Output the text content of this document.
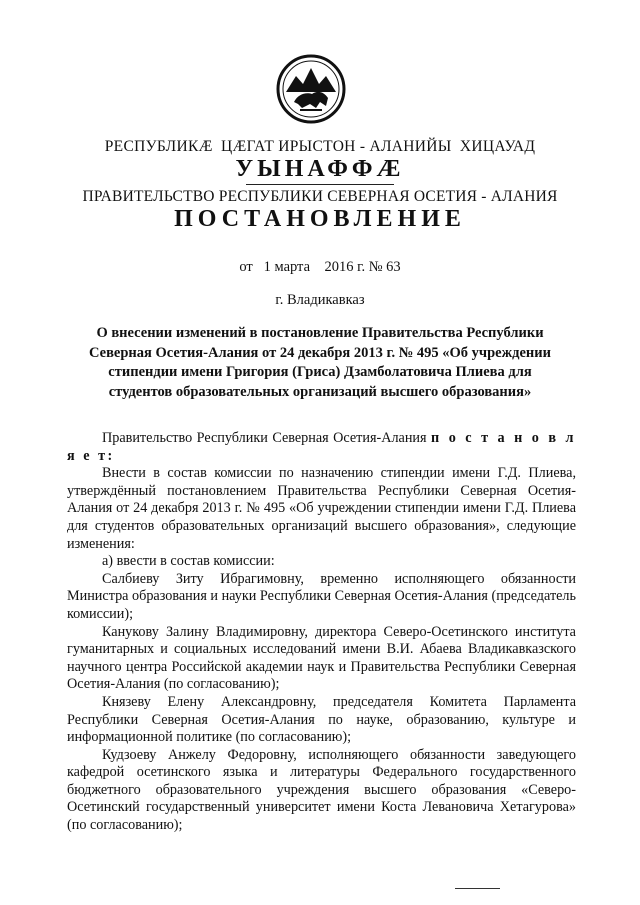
РЕСПУБЛИКӔ  ЦӔГАТ ИРЫСТОН - АЛАНИЙЫ  ХИЦАУАД
УЫНАФФӔ
ПРАВИТЕЛЬСТВО РЕСПУБЛИКИ СЕВЕРНАЯ ОСЕТИЯ - АЛАНИЯ
ПОСТАНОВЛЕНИЕ
от   1 марта    2016 г. № 63
г. Владикавказ
О внесении изменений в постановление Правительства Республики Северная Осетия-Алания от 24 декабря 2013 г. № 495 «Об учреждении стипендии имени Григория (Гриса) Дзамболатовича Плиева для студентов образовательных организаций высшего образования»

Правительство Республики Северная Осетия-Алания п о с т а н о в л я е т:

Внести в состав комиссии по назначению стипендии имени Г.Д. Плиева, утверждённый постановлением Правительства Республики Северная Осетия-Алания от 24 декабря 2013 г. № 495 «Об учреждении стипендии имени Г.Д. Плиева для студентов образовательных организаций высшего образования», следующие изменения:

а) ввести в состав комиссии:

Салбиеву Зиту Ибрагимовну, временно исполняющего обязанности Министра образования и науки Республики Северная Осетия-Алания (председатель комиссии);

Канукову Залину Владимировну, директора Северо-Осетинского института гуманитарных и социальных исследований имени В.И. Абаева Владикавказского научного центра Российской академии наук и Правительства Республики Северная Осетия-Алания (по согласованию);

Князеву Елену Александровну, председателя Комитета Парламента Республики Северная Осетия-Алания по науке, образованию, культуре и информационной политике (по согласованию);

Кудзоеву Анжелу Федоровну, исполняющего обязанности заведующего кафедрой осетинского языка и литературы Федерального государственного бюджетного образовательного учреждения высшего образования «Северо-Осетинский государственный университет имени Коста Левановича Хетагурова» (по согласованию);
